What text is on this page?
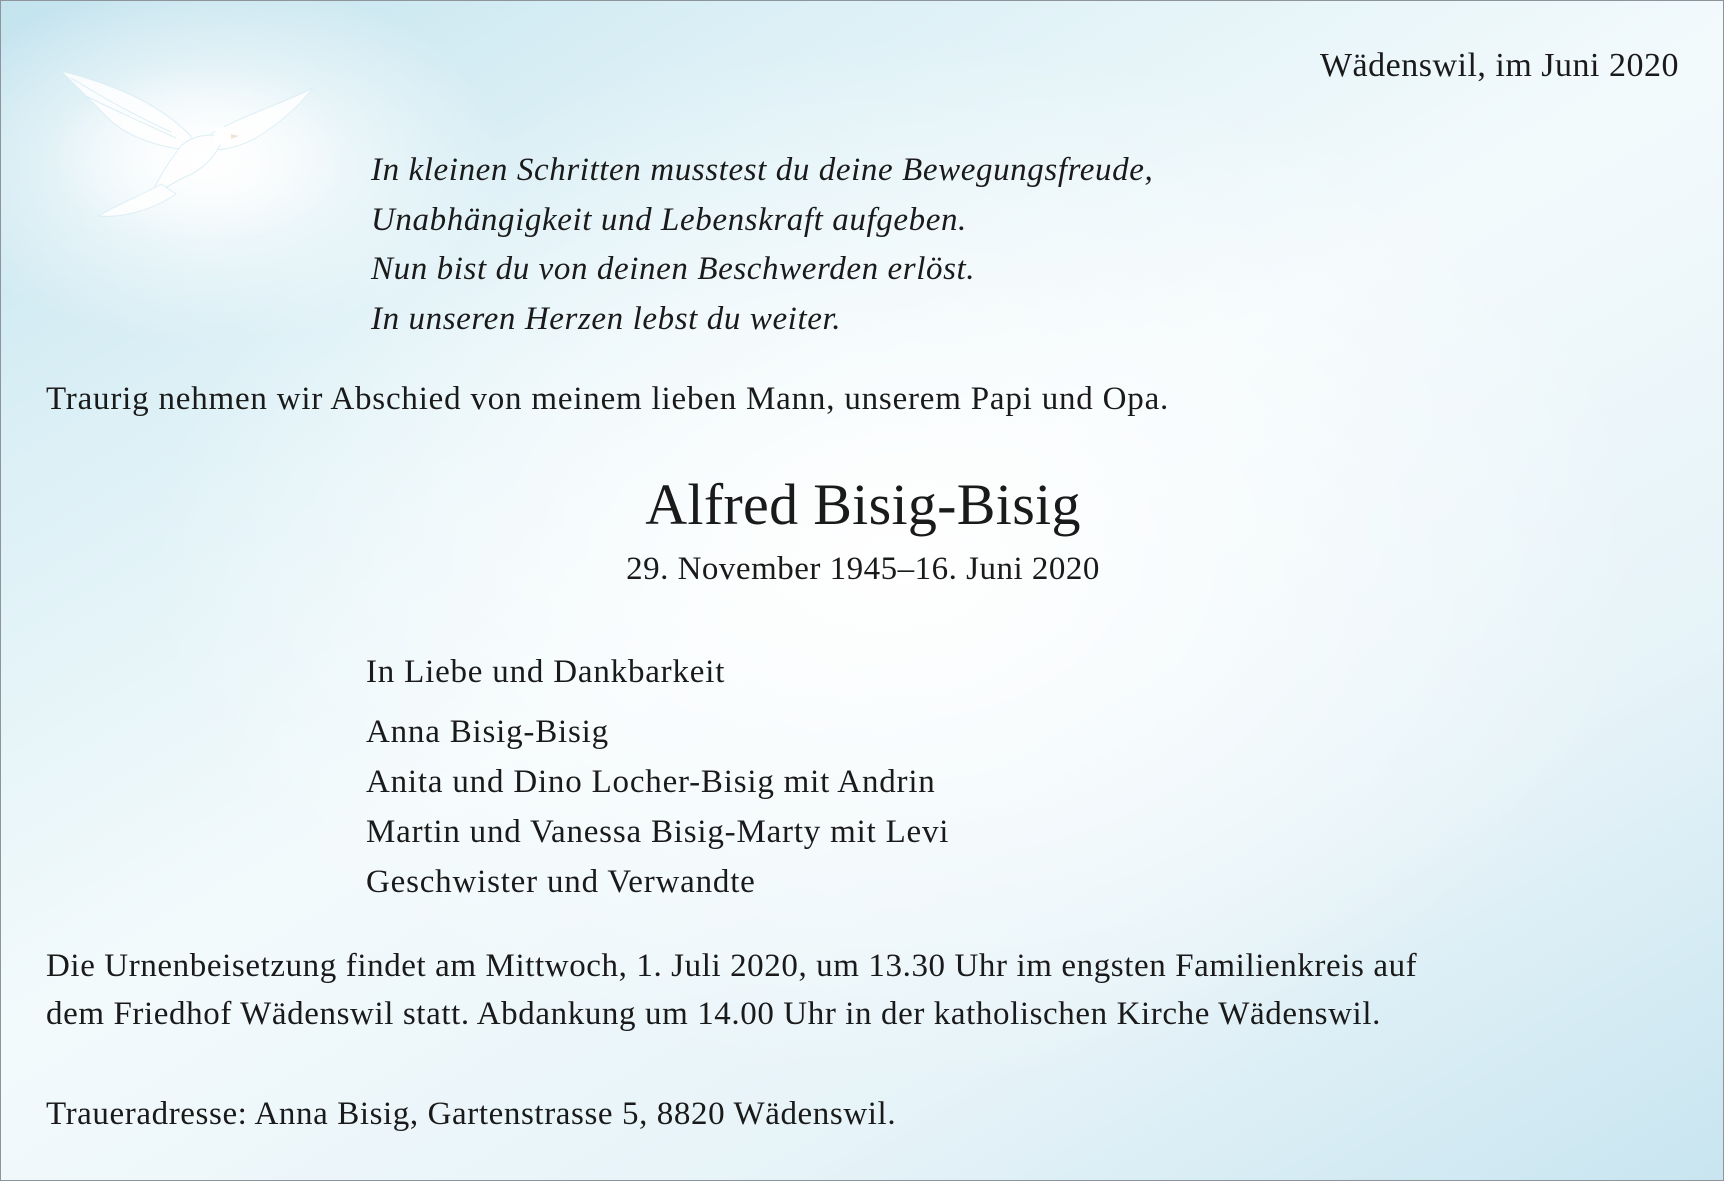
Wädenswil, im Juni 2020
In kleinen Schritten musstest du deine Bewegungsfreude,
Unabhängigkeit und Lebenskraft aufgeben.
Nun bist du von deinen Beschwerden erlöst.
In unseren Herzen lebst du weiter.
Traurig nehmen wir Abschied von meinem lieben Mann, unserem Papi und Opa.
Alfred Bisig-Bisig
29. November 1945–16. Juni 2020
In Liebe und Dankbarkeit
Anna Bisig-Bisig
Anita und Dino Locher-Bisig mit Andrin
Martin und Vanessa Bisig-Marty mit Levi
Geschwister und Verwandte
Die Urnenbeisetzung findet am Mittwoch, 1. Juli 2020, um 13.30 Uhr im engsten Familienkreis auf
dem Friedhof Wädenswil statt. Abdankung um 14.00 Uhr in der katholischen Kirche Wädenswil.
Traueradresse: Anna Bisig, Gartenstrasse 5, 8820 Wädenswil.
